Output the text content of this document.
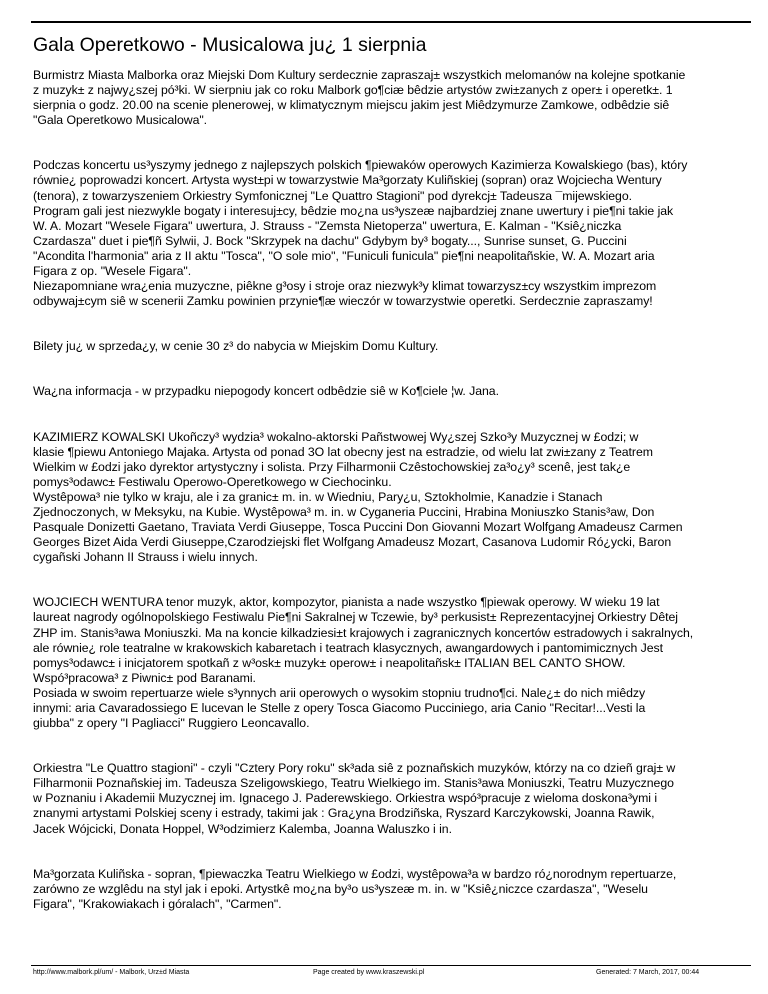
Gala Operetkowo - Musicalowa ju¿ 1 sierpnia

Burmistrz Miasta Malborka oraz Miejski Dom Kultury serdecznie zapraszaj± wszystkich melomanów na kolejne spotkanie
z muzyk± z najwy¿szej pó³ki. W sierpniu jak co roku Malbork go¶ciæ bêdzie artystów zwi±zanych z oper± i operetk±. 1
sierpnia o godz. 20.00 na scenie plenerowej, w klimatycznym miejscu jakim jest Miêdzymurze Zamkowe, odbêdzie siê
"Gala Operetkowo Musicalowa".

Podczas koncertu us³yszymy jednego z najlepszych polskich ¶piewaków operowych Kazimierza Kowalskiego (bas), który
równie¿ poprowadzi koncert. Artysta wyst±pi w towarzystwie Ma³gorzaty Kuliñskiej (sopran) oraz Wojciecha Wentury
(tenora), z towarzyszeniem Orkiestry Symfonicznej "Le Quattro Stagioni" pod dyrekcj± Tadeusza ¯mijewskiego.
Program gali jest niezwykle bogaty i interesuj±cy, bêdzie mo¿na us³yszeæ najbardziej znane uwertury i pie¶ni takie jak
W. A. Mozart "Wesele Figara" uwertura, J. Strauss - "Zemsta Nietoperza" uwertura, E. Kalman - "Ksiê¿niczka
Czardasza" duet i pie¶ñ Sylwii, J. Bock "Skrzypek na dachu" Gdybym by³ bogaty..., Sunrise sunset, G. Puccini
"Acondita l'harmonia" aria z II aktu "Tosca", "O sole mio", "Funiculi funicula" pie¶ni neapolitañskie, W. A. Mozart aria
Figara z op. "Wesele Figara".
Niezapomniane wra¿enia muzyczne, piêkne g³osy i stroje oraz niezwyk³y klimat towarzysz±cy wszystkim imprezom
odbywaj±cym siê w scenerii Zamku powinien przynie¶æ wieczór w towarzystwie operetki. Serdecznie zapraszamy!

Bilety ju¿ w sprzeda¿y, w cenie 30 z³ do nabycia w Miejskim Domu Kultury.

Wa¿na informacja - w przypadku niepogody koncert odbêdzie siê w Ko¶ciele ¦w. Jana.

KAZIMIERZ KOWALSKI Ukoñczy³ wydzia³ wokalno-aktorski Pañstwowej Wy¿szej Szko³y Muzycznej w £odzi; w
klasie ¶piewu Antoniego Majaka. Artysta od ponad 3O lat obecny jest na estradzie, od wielu lat zwi±zany z Teatrem
Wielkim w £odzi jako dyrektor artystyczny i solista. Przy Filharmonii Czêstochowskiej za³o¿y³ scenê, jest tak¿e
pomys³odawc± Festiwalu Operowo-Operetkowego w Ciechocinku.
Wystêpowa³ nie tylko w kraju, ale i za granic± m. in. w Wiedniu, Pary¿u, Sztokholmie, Kanadzie i Stanach
Zjednoczonych, w Meksyku, na Kubie. Wystêpowa³ m. in. w Cyganeria Puccini, Hrabina Moniuszko Stanis³aw, Don
Pasquale Donizetti Gaetano, Traviata Verdi Giuseppe, Tosca Puccini Don Giovanni Mozart Wolfgang Amadeusz Carmen
Georges Bizet Aida Verdi Giuseppe,Czarodziejski flet Wolfgang Amadeusz Mozart, Casanova Ludomir Ró¿ycki, Baron
cygañski Johann II Strauss i wielu innych.

WOJCIECH WENTURA tenor muzyk, aktor, kompozytor, pianista a nade wszystko ¶piewak operowy. W wieku 19 lat
laureat nagrody ogólnopolskiego Festiwalu Pie¶ni Sakralnej w Tczewie, by³ perkusist± Reprezentacyjnej Orkiestry Dêtej
ZHP im. Stanis³awa Moniuszki. Ma na koncie kilkadziesi±t krajowych i zagranicznych koncertów estradowych i sakralnych,
ale równie¿ role teatralne w krakowskich kabaretach i teatrach klasycznych, awangardowych i pantomimicznych Jest
pomys³odawc± i inicjatorem spotkañ z w³osk± muzyk± operow± i neapolitañsk± ITALIAN BEL CANTO SHOW.
Wspó³pracowa³ z Piwnic± pod Baranami.
Posiada w swoim repertuarze wiele s³ynnych arii operowych o wysokim stopniu trudno¶ci. Nale¿± do nich miêdzy
innymi: aria Cavaradossiego E lucevan le Stelle z opery Tosca Giacomo Pucciniego, aria Canio "Recitar!...Vesti la
giubba" z opery "I Pagliacci" Ruggiero Leoncavallo.

Orkiestra "Le Quattro stagioni" - czyli "Cztery Pory roku" sk³ada siê z poznañskich muzyków, którzy na co dzieñ graj± w
Filharmonii Poznañskiej im. Tadeusza Szeligowskiego, Teatru Wielkiego im. Stanis³awa Moniuszki, Teatru Muzycznego
w Poznaniu i Akademii Muzycznej im. Ignacego J. Paderewskiego. Orkiestra wspó³pracuje z wieloma doskona³ymi i
znanymi artystami Polskiej sceny i estrady, takimi jak : Gra¿yna Brodziñska, Ryszard Karczykowski, Joanna Rawik,
Jacek Wójcicki, Donata Hoppel, W³odzimierz Kalemba, Joanna Waluszko i in.

Ma³gorzata Kuliñska - sopran, ¶piewaczka Teatru Wielkiego w £odzi, wystêpowa³a w bardzo ró¿norodnym repertuarze,
zarówno ze wzglêdu na styl jak i epoki. Artystkê mo¿na by³o us³yszeæ m. in. w "Ksiê¿niczce czardasza", "Weselu
Figara", "Krakowiakach i góralach", "Carmen".

http://www.malbork.pl/um/ - Malbork, Urz±d Miasta	Page created by www.kraszewski.pl	Generated: 7 March, 2017, 00:44
